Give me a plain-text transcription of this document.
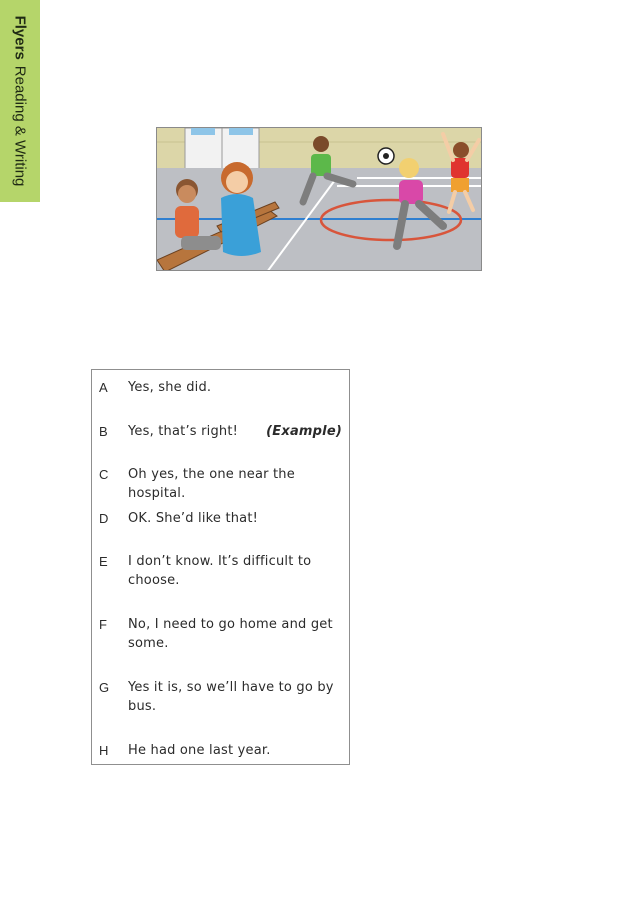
FlyersReading & Writing
A Yes, she did.
B Yes, that’s right!	(Example)
C Oh yes, the one near the hospital.
D OK. She’d like that!
E I don’t know. It’s difficult to choose.
F No, I need to go home and get some.
G Yes it is, so we’ll have to go by bus.
H He had one last year.
